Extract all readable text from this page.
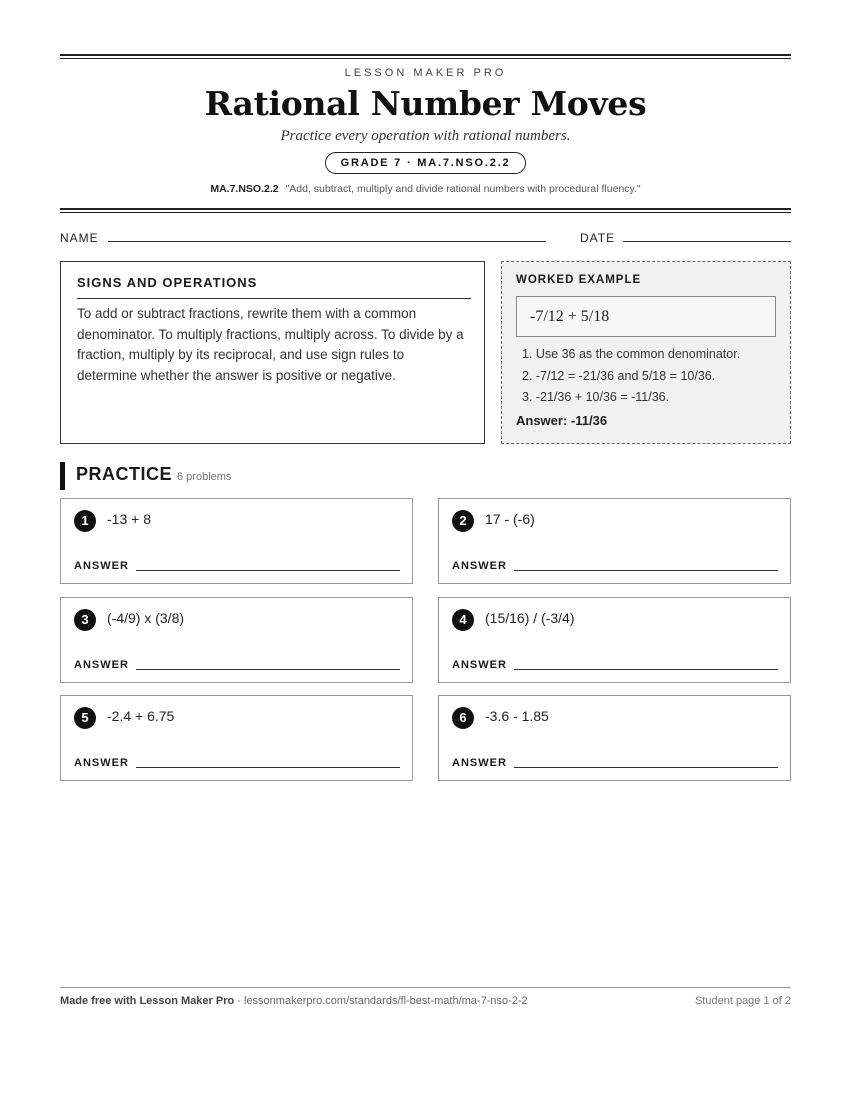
LESSON MAKER PRO
Rational Number Moves
Practice every operation with rational numbers.
GRADE 7 · MA.7.NSO.2.2
MA.7.NSO.2.2 "Add, subtract, multiply and divide rational numbers with procedural fluency."
NAME	DATE
SIGNS AND OPERATIONS
To add or subtract fractions, rewrite them with a common denominator. To multiply fractions, multiply across. To divide by a fraction, multiply by its reciprocal, and use sign rules to determine whether the answer is positive or negative.
WORKED EXAMPLE
-7/12 + 5/18
1. Use 36 as the common denominator.
2. -7/12 = -21/36 and 5/18 = 10/36.
3. -21/36 + 10/36 = -11/36.
Answer: -11/36
PRACTICE 6 problems
1	-13 + 8
ANSWER
2	17 - (-6)
ANSWER
3	(-4/9) x (3/8)
ANSWER
4	(15/16) / (-3/4)
ANSWER
5	-2.4 + 6.75
ANSWER
6	-3.6 - 1.85
ANSWER
Made free with Lesson Maker Pro · lessonmakerpro.com/standards/fl-best-math/ma-7-nso-2-2	Student page 1 of 2
